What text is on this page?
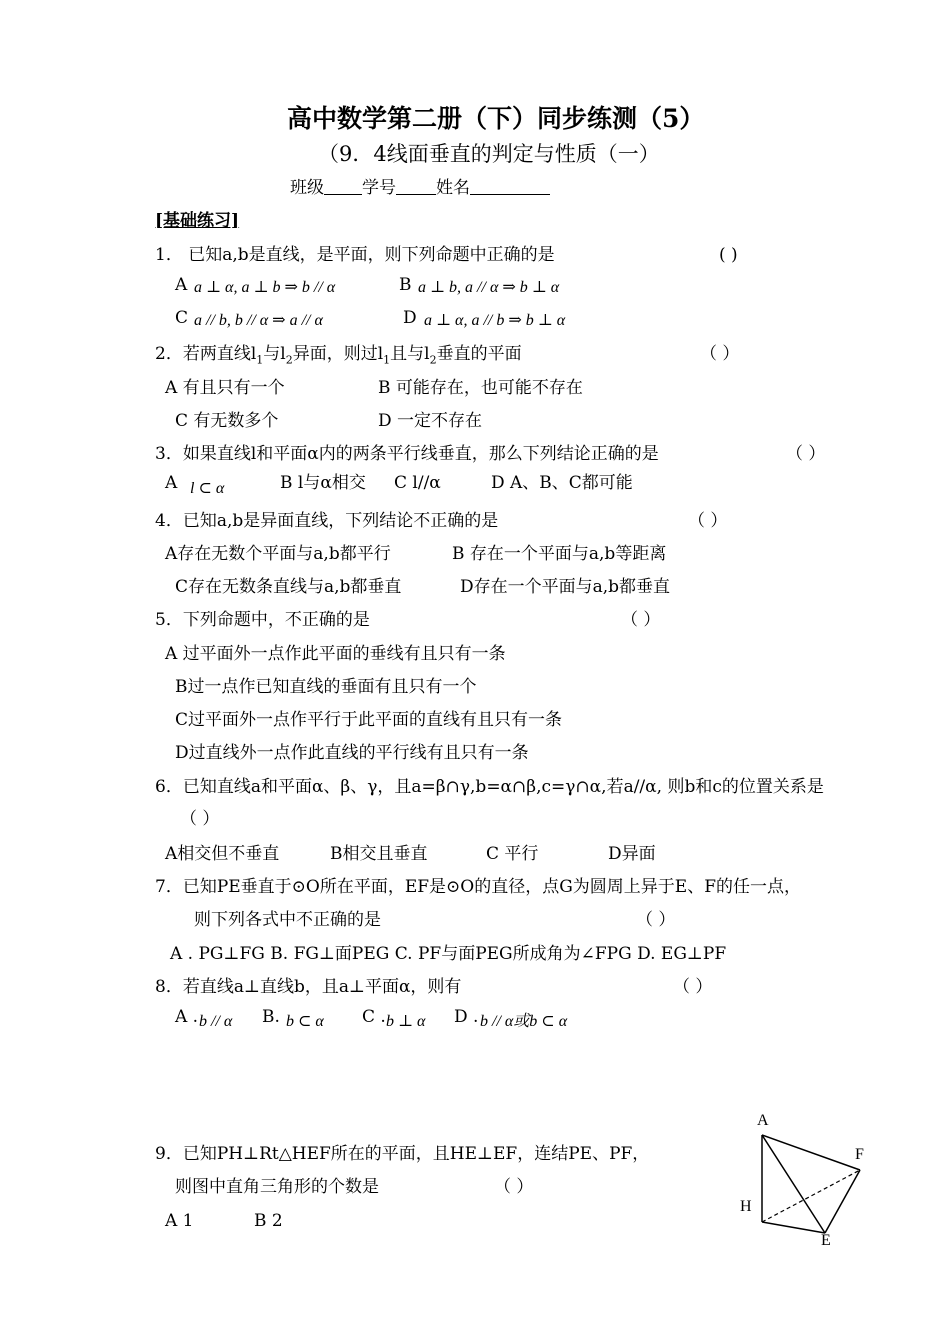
高中数学第二册（下）同步练测（5）
（9．4线面垂直的判定与性质（一）
班级 学号 姓名
[基础练习]
1． 已知a,b是直线，是平面，则下列命题中正确的是	( )
A a ⊥ α, a ⊥ b ⇒ b // α	B a ⊥ b, a // α ⇒ b ⊥ α
C a // b, b // α ⇒ a // α	D a ⊥ α, a // b ⇒ b ⊥ α
2．若两直线$l_1$与$l_2$异面，则过$l_1$且与$l_2$垂直的平面	（ ）
A 有且只有一个	B 可能存在，也可能不存在
C 有无数多个	D 一定不存在
3．如果直线l和平面α内的两条平行线垂直，那么下列结论正确的是	（ ）
A l ⊂ α	B l与α相交 C l//α	D A、B、C都可能
4．已知a,b是异面直线，下列结论不正确的是	（ ）
A存在无数个平面与a,b都平行	B 存在一个平面与a,b等距离
C存在无数条直线与a,b都垂直	D存在一个平面与a,b都垂直
5．下列命题中，不正确的是	（ ）
A 过平面外一点作此平面的垂线有且只有一条
B过一点作已知直线的垂面有且只有一个
C过平面外一点作平行于此平面的直线有且只有一条
D过直线外一点作此直线的平行线有且只有一条
6．已知直线a和平面α、β、γ，且a=β∩γ,b=α∩β,c=γ∩α,若a//α, 则b和c的位置关系是
（ ）
A相交但不垂直	B相交且垂直	C 平行	D异面
7．已知PE垂直于⊙O所在平面，EF是⊙O的直径，点G为圆周上异于E、F的任一点，
则下列各式中不正确的是	（ ）
A . PG⊥FG B. FG⊥面PEG C. PF与面PEG所成角为∠FPG D. EG⊥PF
8．若直线a⊥直线b，且a⊥平面α，则有	（ ）
A . b // α B. b ⊂ α C . b ⊥ α D . b // α或b ⊂ α
9．已知PH⊥Rt△HEF所在的平面，且HE⊥EF，连结PE、PF，
则图中直角三角形的个数是	（ ）
A 1	B 2
A
F
H
E
